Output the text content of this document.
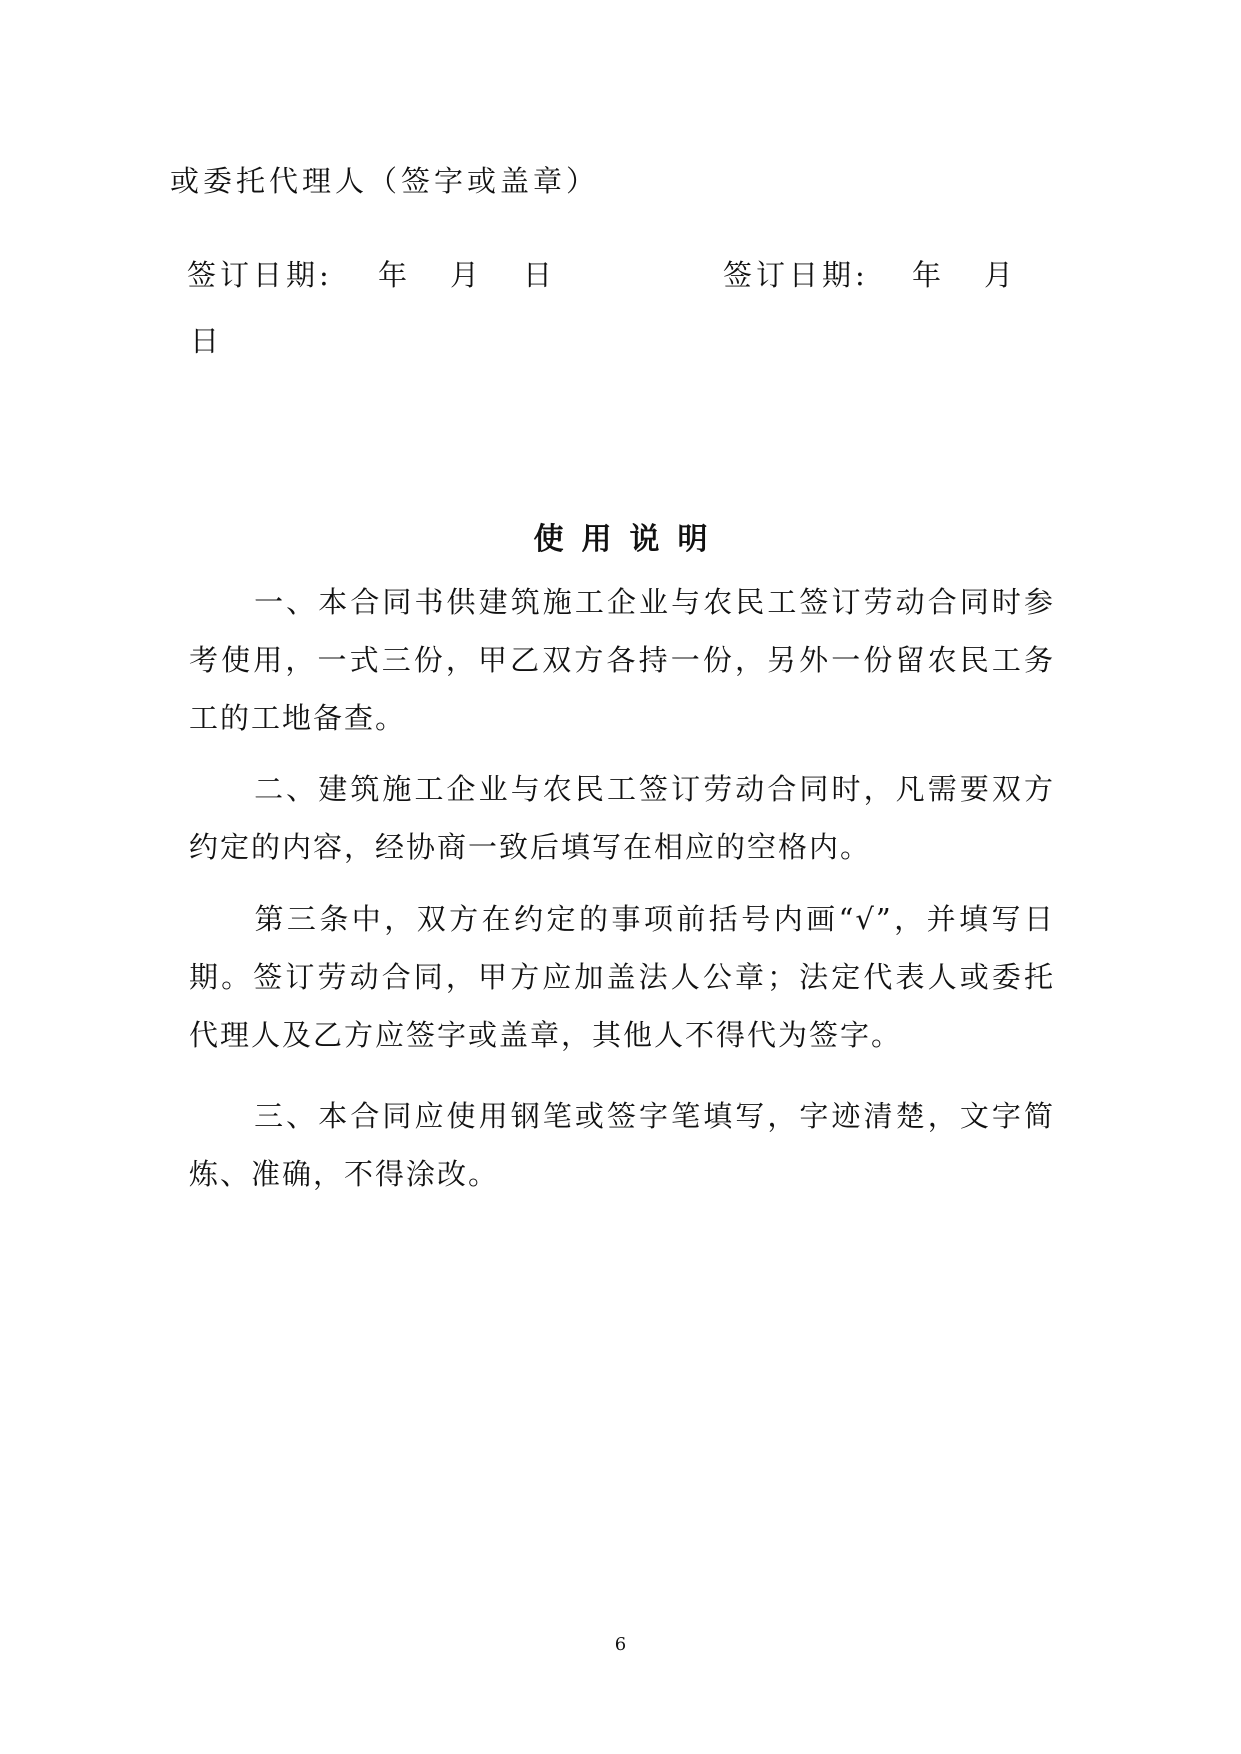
或委托代理人（签字或盖章）
签订日期: 年 月 日	签订日期: 年 月
日
使用说明
一、本合同书供建筑施工企业与农民工签订劳动合同时参考使用，一式三份，甲乙双方各持一份，另外一份留农民工务工的工地备查。
二、建筑施工企业与农民工签订劳动合同时，凡需要双方约定的内容，经协商一致后填写在相应的空格内。
第三条中，双方在约定的事项前括号内画“√”，并填写日期。签订劳动合同，甲方应加盖法人公章；法定代表人或委托代理人及乙方应签字或盖章，其他人不得代为签字。
三、本合同应使用钢笔或签字笔填写，字迹清楚，文字简炼、准确，不得涂改。
6
